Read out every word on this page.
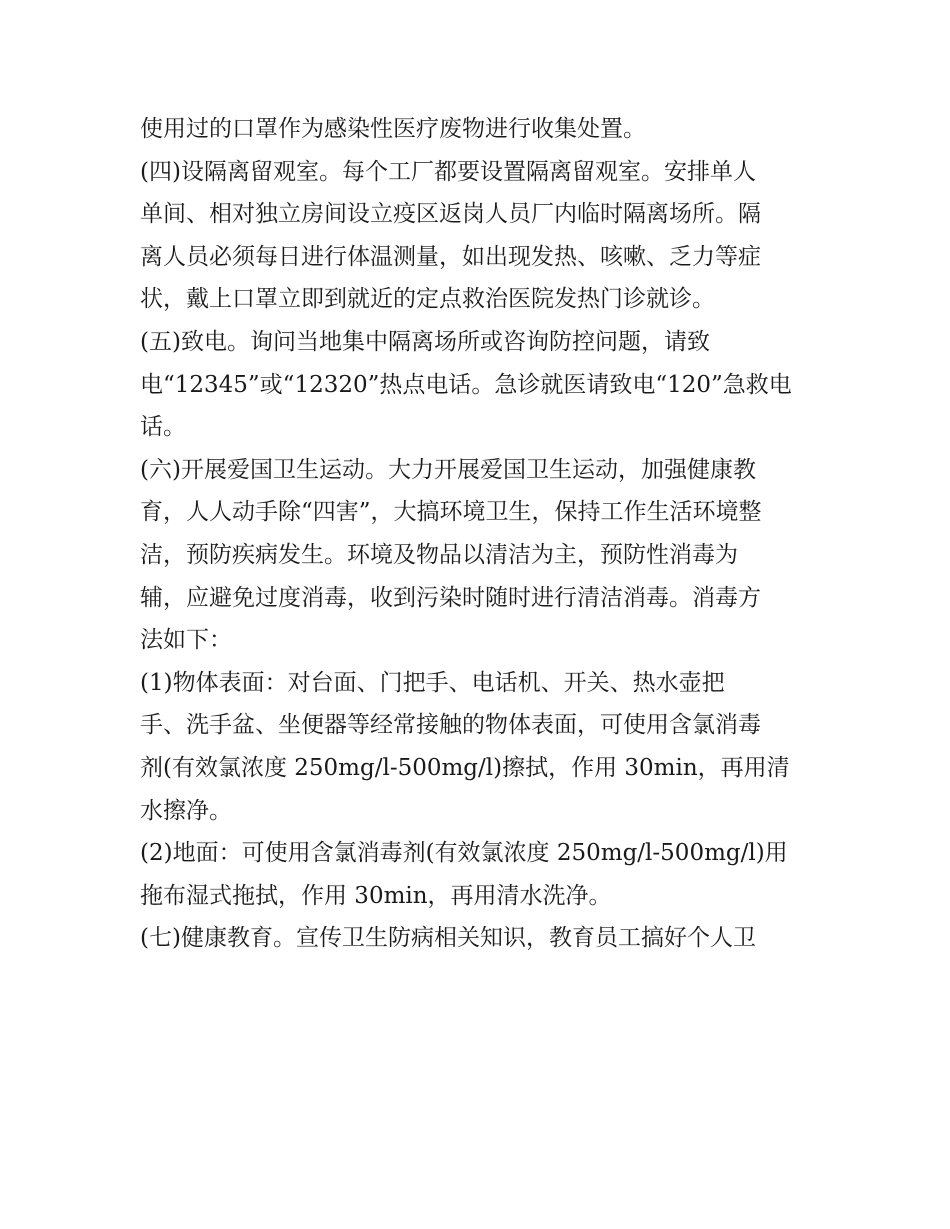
使用过的口罩作为感染性医疗废物进行收集处置。
(四)设隔离留观室。每个工厂都要设置隔离留观室。安排单人
单间、相对独立房间设立疫区返岗人员厂内临时隔离场所。隔
离人员必须每日进行体温测量，如出现发热、咳嗽、乏力等症
状，戴上口罩立即到就近的定点救治医院发热门诊就诊。
(五)致电。询问当地集中隔离场所或咨询防控问题，请致
电“12345”或“12320”热点电话。急诊就医请致电“120”急救电
话。
(六)开展爱国卫生运动。大力开展爱国卫生运动，加强健康教
育，人人动手除“四害”，大搞环境卫生，保持工作生活环境整
洁，预防疾病发生。环境及物品以清洁为主，预防性消毒为
辅，应避免过度消毒，收到污染时随时进行清洁消毒。消毒方
法如下：
(1)物体表面：对台面、门把手、电话机、开关、热水壶把
手、洗手盆、坐便器等经常接触的物体表面，可使用含氯消毒
剂(有效氯浓度 250mg/l-500mg/l)擦拭，作用 30min，再用清
水擦净。
(2)地面：可使用含氯消毒剂(有效氯浓度 250mg/l-500mg/l)用
拖布湿式拖拭，作用 30min，再用清水洗净。
(七)健康教育。宣传卫生防病相关知识，教育员工搞好个人卫
